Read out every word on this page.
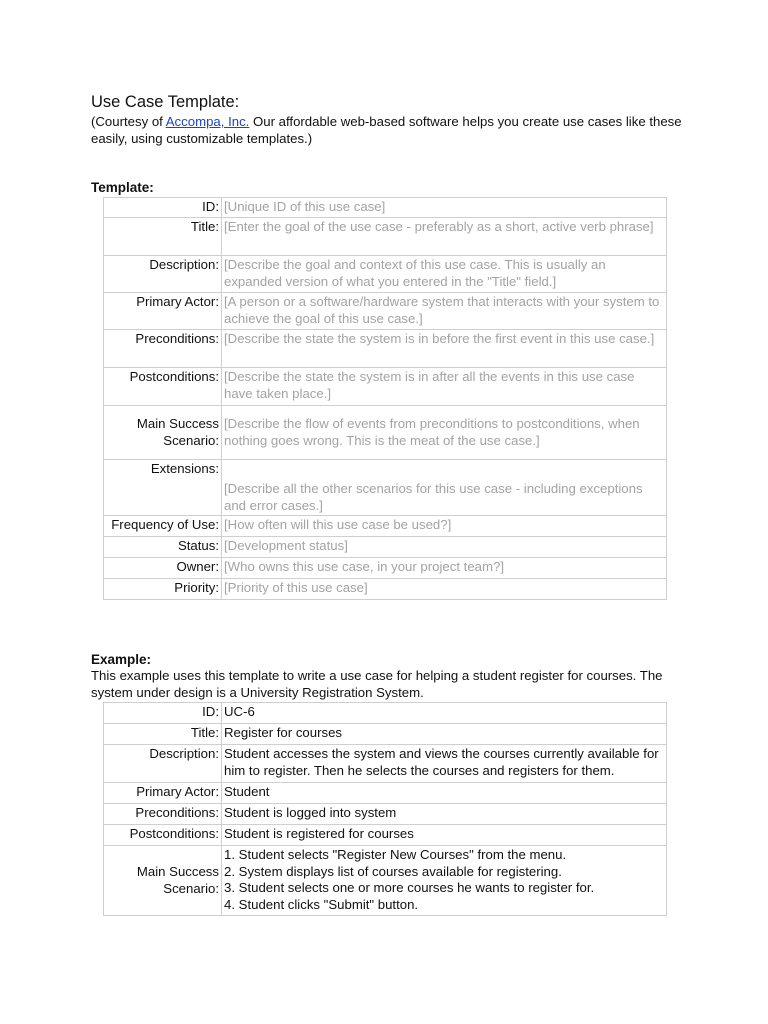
Use Case Template:
(Courtesy of Accompa, Inc. Our affordable web-based software helps you create use cases like these easily, using customizable templates.)
Template:
ID:	[Unique ID of this use case]
Title:	[Enter the goal of the use case - preferably as a short, active verb phrase]
Description:	[Describe the goal and context of this use case. This is usually an expanded version of what you entered in the "Title" field.]
Primary Actor:	[A person or a software/hardware system that interacts with your system to achieve the goal of this use case.]
Preconditions:	[Describe the state the system is in before the first event in this use case.]
Postconditions:	[Describe the state the system is in after all the events in this use case have taken place.]
Main Success Scenario:	[Describe the flow of events from preconditions to postconditions, when nothing goes wrong. This is the meat of the use case.]
Extensions:	[Describe all the other scenarios for this use case - including exceptions and error cases.]
Frequency of Use:	[How often will this use case be used?]
Status:	[Development status]
Owner:	[Who owns this use case, in your project team?]
Priority:	[Priority of this use case]
Example:
This example uses this template to write a use case for helping a student register for courses. The system under design is a University Registration System.
ID:	UC-6
Title:	Register for courses
Description:	Student accesses the system and views the courses currently available for him to register. Then he selects the courses and registers for them.
Primary Actor:	Student
Preconditions:	Student is logged into system
Postconditions:	Student is registered for courses
Main Success Scenario:	1. Student selects "Register New Courses" from the menu.
2. System displays list of courses available for registering.
3. Student selects one or more courses he wants to register for.
4. Student clicks "Submit" button.
